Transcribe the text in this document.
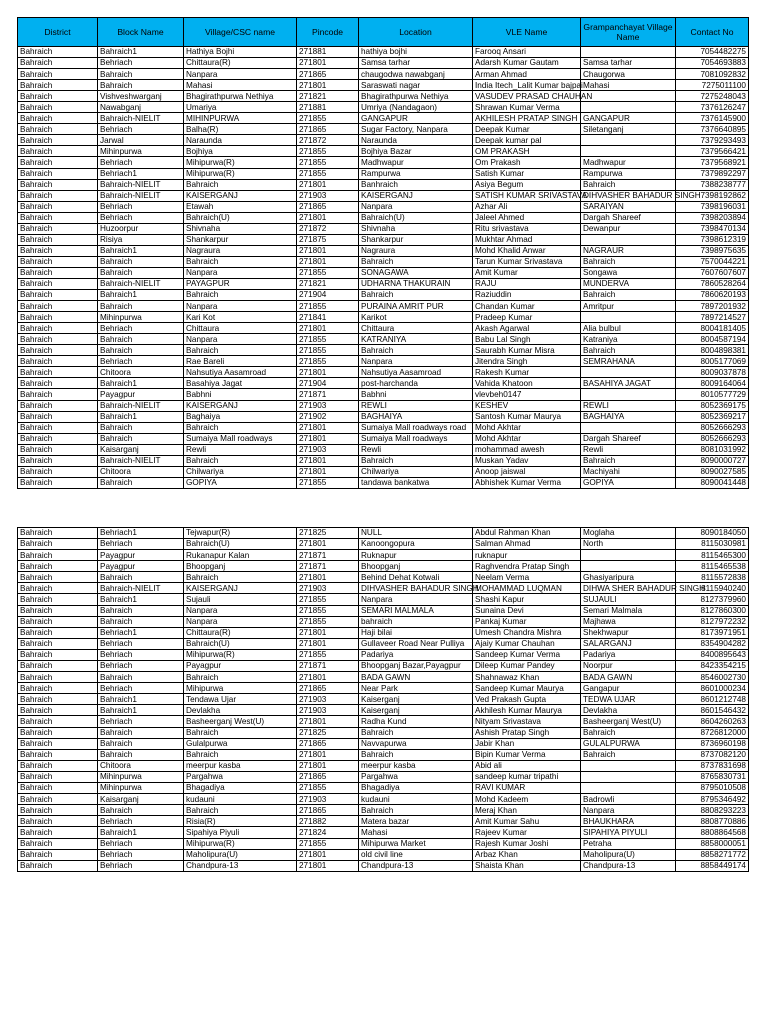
District	Block Name	Village/CSC name	Pincode	Location	VLE Name	Grampanchayat Village Name	Contact No
Bahraich	Bahraich1	Hathiya Bojhi	271881	hathiya bojhi	Farooq Ansari		7054482275
Bahraich	Behriach	Chittaura(R)	271801	Samsa tarhar	Adarsh Kumar Gautam	Samsa tarhar	7054693883
Bahraich	Bahraich	Nanpara	271865	chaugodwa nawabganj	Arman Ahmad	Chaugorwa	7081092832
Bahraich	Bahraich	Mahasi	271801	Saraswati nagar	India Itech_Lalit Kumar bajpai	Mahasi	7275011100
Bahraich	Vishveshwarganj	Bhagirathpurwa Nethiya	271821	Bhagirathpurwa Nethiya	VASUDEV PRASAD CHAUHAN		7275248043
Bahraich	Nawabganj	Umariya	271881	Umriya (Nandagaon)	Shrawan Kumar Verma		7376126247
Bahraich	Bahraich-NIELIT	MIHINPURWA	271855	GANGAPUR	AKHILESH PRATAP SINGH	GANGAPUR	7376145900
Bahraich	Behriach	Balha(R)	271865	Sugar Factory, Nanpara	Deepak Kumar	Siletanganj	7376640895
Bahraich	Jarwal	Naraunda	271872	Naraunda	Deepak kumar pal		7379293493
Bahraich	Mihinpurwa	Bojhiya	271855	Bojhiya Bazar	OM PRAKASH		7379566421
Bahraich	Behriach	Mihipurwa(R)	271855	Madhwapur	Om Prakash	Madhwapur	7379568921
Bahraich	Behriach1	Mihipurwa(R)	271855	Rampurwa	Satish Kumar	Rampurwa	7379892297
Bahraich	Bahraich-NIELIT	Bahraich	271801	Banhraich	Asiya Begum	Bahraich	7388238777
Bahraich	Bahraich-NIELIT	KAISERGANJ	271903	KAISERGANJ	SATISH KUMAR SRIVASTAVA	DIHVASHER BAHADUR SINGH	7398192862
Bahraich	Behriach	Etawah	271865	Nanpara	Azhar Ali	SARAIYAN	7398196031
Bahraich	Behriach	Bahraich(U)	271801	Bahraich(U)	Jaleel Ahmed	Dargah Shareef	7398203894
Bahraich	Huzoorpur	Shivnaha	271872	Shivnaha	Ritu srivastava	Dewanpur	7398470134
Bahraich	Risiya	Shankarpur	271875	Shankarpur	Mukhtar Ahmad		7398612319
Bahraich	Bahraich1	Nagraura	271801	Nagraura	Mohd Khalid Anwar	NAGRAUR	7398975635
Bahraich	Bahraich	Bahraich	271801	Bahraich	Tarun Kumar Srivastava	Bahraich	7570044221
Bahraich	Bahraich	Nanpara	271855	SONAGAWA	Amit Kumar	Songawa	7607607607
Bahraich	Bahraich-NIELIT	PAYAGPUR	271821	UDHARNA THAKURAIN	RAJU	MUNDERVA	7860528264
Bahraich	Bahraich1	Bahraich	271904	Bahraich	Raziuddin	Bahraich	7860620193
Bahraich	Bahraich	Nanpara	271855	PURAINA AMRIT PUR	Chandan Kumar	Amritpur	7897201932
Bahraich	Mihinpurwa	Kari Kot	271841	Karikot	Pradeep Kumar		7897214527
Bahraich	Behriach	Chittaura	271801	Chittaura	Akash Agarwal	Alia bulbul	8004181405
Bahraich	Bahraich	Nanpara	271855	KATRANIYA	Babu Lal Singh	Katraniya	8004587194
Bahraich	Bahraich	Bahraich	271855	Bahraich	Saurabh Kumar Misra	Bahraich	8004898381
Bahraich	Behriach	Rae Bareli	271855	Nanpara	Jitendra Singh	SEMRAHANA	8005177069
Bahraich	Chitoora	Nahsutiya Aasamroad	271801	Nahsutiya Aasamroad	Rakesh Kumar		8009037878
Bahraich	Bahraich1	Basahiya Jagat	271904	post-harchanda	Vahida Khatoon	BASAHIYA JAGAT	8009164064
Bahraich	Payagpur	Babhni	271871	Babhni	vlevbeh0147		8010577729
Bahraich	Bahraich-NIELIT	KAISERGANJ	271903	REWLI	KESHEV	REWLI	8052369175
Bahraich	Bahraich1	Baghaiya	271902	BAGHAIYA	Santosh Kumar Maurya	BAGHAIYA	8052369217
Bahraich	Bahraich	Bahraich	271801	Sumaiya Mall roadways road	Mohd Akhtar		8052666293
Bahraich	Bahraich	Sumaiya Mall roadways	271801	Sumaiya Mall roadways	Mohd Akhtar	Dargah Shareef	8052666293
Bahraich	Kaisarganj	Rewli	271903	Rewli	mohammad awesh	Rewli	8081031992
Bahraich	Bahraich-NIELIT	Bahraich	271801	Bahraich	Muskan Yadav	Bahraich	8090000727
Bahraich	Chitoora	Chilwariya	271801	Chilwariya	Anoop jaiswal	Machiyahi	8090027585
Bahraich	Bahraich	GOPIYA	271855	tandawa bankatwa	Abhishek Kumar Verma	GOPIYA	8090041448
Bahraich	Behriach1	Tejwapur(R)	271825	NULL	Abdul Rahman Khan	Moglaha	8090184050
Bahraich	Behriach	Bahraich(U)	271801	Kanoongopura	Salman Ahmad	North	8115030981
Bahraich	Payagpur	Rukanapur Kalan	271871	Ruknapur	ruknapur		8115465300
Bahraich	Payagpur	Bhoopganj	271871	Bhoopganj	Raghvendra Pratap Singh		8115465538
Bahraich	Bahraich	Bahraich	271801	Behind Dehat Kotwali	Neelam Verma	Ghasiyaripura	8115572838
Bahraich	Bahraich-NIELIT	KAISERGANJ	271903	DIHVASHER BAHADUR SINGH	MOHAMMAD LUQMAN	DIHWA SHER BAHADUR SINGH	8115940240
Bahraich	Bahraich1	Sujauli	271855	Nanpara	Shashi Kapur	SUJAULI	8127379960
Bahraich	Bahraich	Nanpara	271855	SEMARI MALMALA	Sunaina Devi	Semari Malmala	8127860300
Bahraich	Bahraich	Nanpara	271855	bahraich	Pankaj Kumar	Majhawa	8127972232
Bahraich	Behriach1	Chittaura(R)	271801	Haji bilai	Umesh Chandra Mishra	Shekhwapur	8173971951
Bahraich	Behriach	Bahraich(U)	271801	Gullaveer Road Near Pulliya	Ajaiy Kumar Chauhan	SALARGANJ	8354904282
Bahraich	Behriach	Mihipurwa(R)	271855	Padariya	Sandeep Kumar Verma	Padariya	8400895643
Bahraich	Behriach	Payagpur	271871	Bhoopganj Bazar,Payagpur	Dileep Kumar Pandey	Noorpur	8423354215
Bahraich	Bahraich	Bahraich	271801	BADA GAWN	Shahnawaz Khan	BADA GAWN	8546002730
Bahraich	Behriach	Mihipurwa	271865	Near Park	Sandeep Kumar Maurya	Gangapur	8601000234
Bahraich	Bahraich1	Tendawa Ujar	271903	Kaiserganj	Ved Prakash Gupta	TEDWA UJAR	8601212748
Bahraich	Bahraich1	Devlakha	271903	Kaiserganj	Akhilesh Kumar Maurya	Devlakha	8601546432
Bahraich	Behriach	Basheerganj West(U)	271801	Radha Kund	Nityam Srivastava	Basheerganj West(U)	8604260263
Bahraich	Bahraich	Bahraich	271825	Bahraich	Ashish Pratap Singh	Bahraich	8726812000
Bahraich	Bahraich	Gulalpurwa	271865	Navvapurwa	Jabir Khan	GULALPURWA	8736960198
Bahraich	Bahraich	Bahraich	271801	Bahraich	Bipin Kumar Verma	Bahraich	8737082120
Bahraich	Chitoora	meerpur kasba	271801	meerpur kasba	Abid ali		8737831698
Bahraich	Mihinpurwa	Pargahwa	271865	Pargahwa	sandeep kumar tripathi		8765830731
Bahraich	Mihinpurwa	Bhagadiya	271855	Bhagadiya	RAVI KUMAR		8795010508
Bahraich	Kaisarganj	kudauni	271903	kudauni	Mohd Kadeem	Badrowli	8795346492
Bahraich	Bahraich	Bahraich	271865	Bahraich	Meraj Khan	Nanpara	8808293223
Bahraich	Behriach	Risia(R)	271882	Matera bazar	Amit Kumar Sahu	BHAUKHARA	8808770886
Bahraich	Bahraich1	Sipahiya Piyuli	271824	Mahasi	Rajeev Kumar	SIPAHIYA PIYULI	8808864568
Bahraich	Behriach	Mihipurwa(R)	271855	Mihipurwa Market	Rajesh Kumar Joshi	Petraha	8858000051
Bahraich	Behriach	Maholipura(U)	271801	old civil line	Arbaz Khan	Maholipura(U)	8858271772
Bahraich	Behriach	Chandpura-13	271801	Chandpura-13	Shaista Khan	Chandpura-13	8858449174
